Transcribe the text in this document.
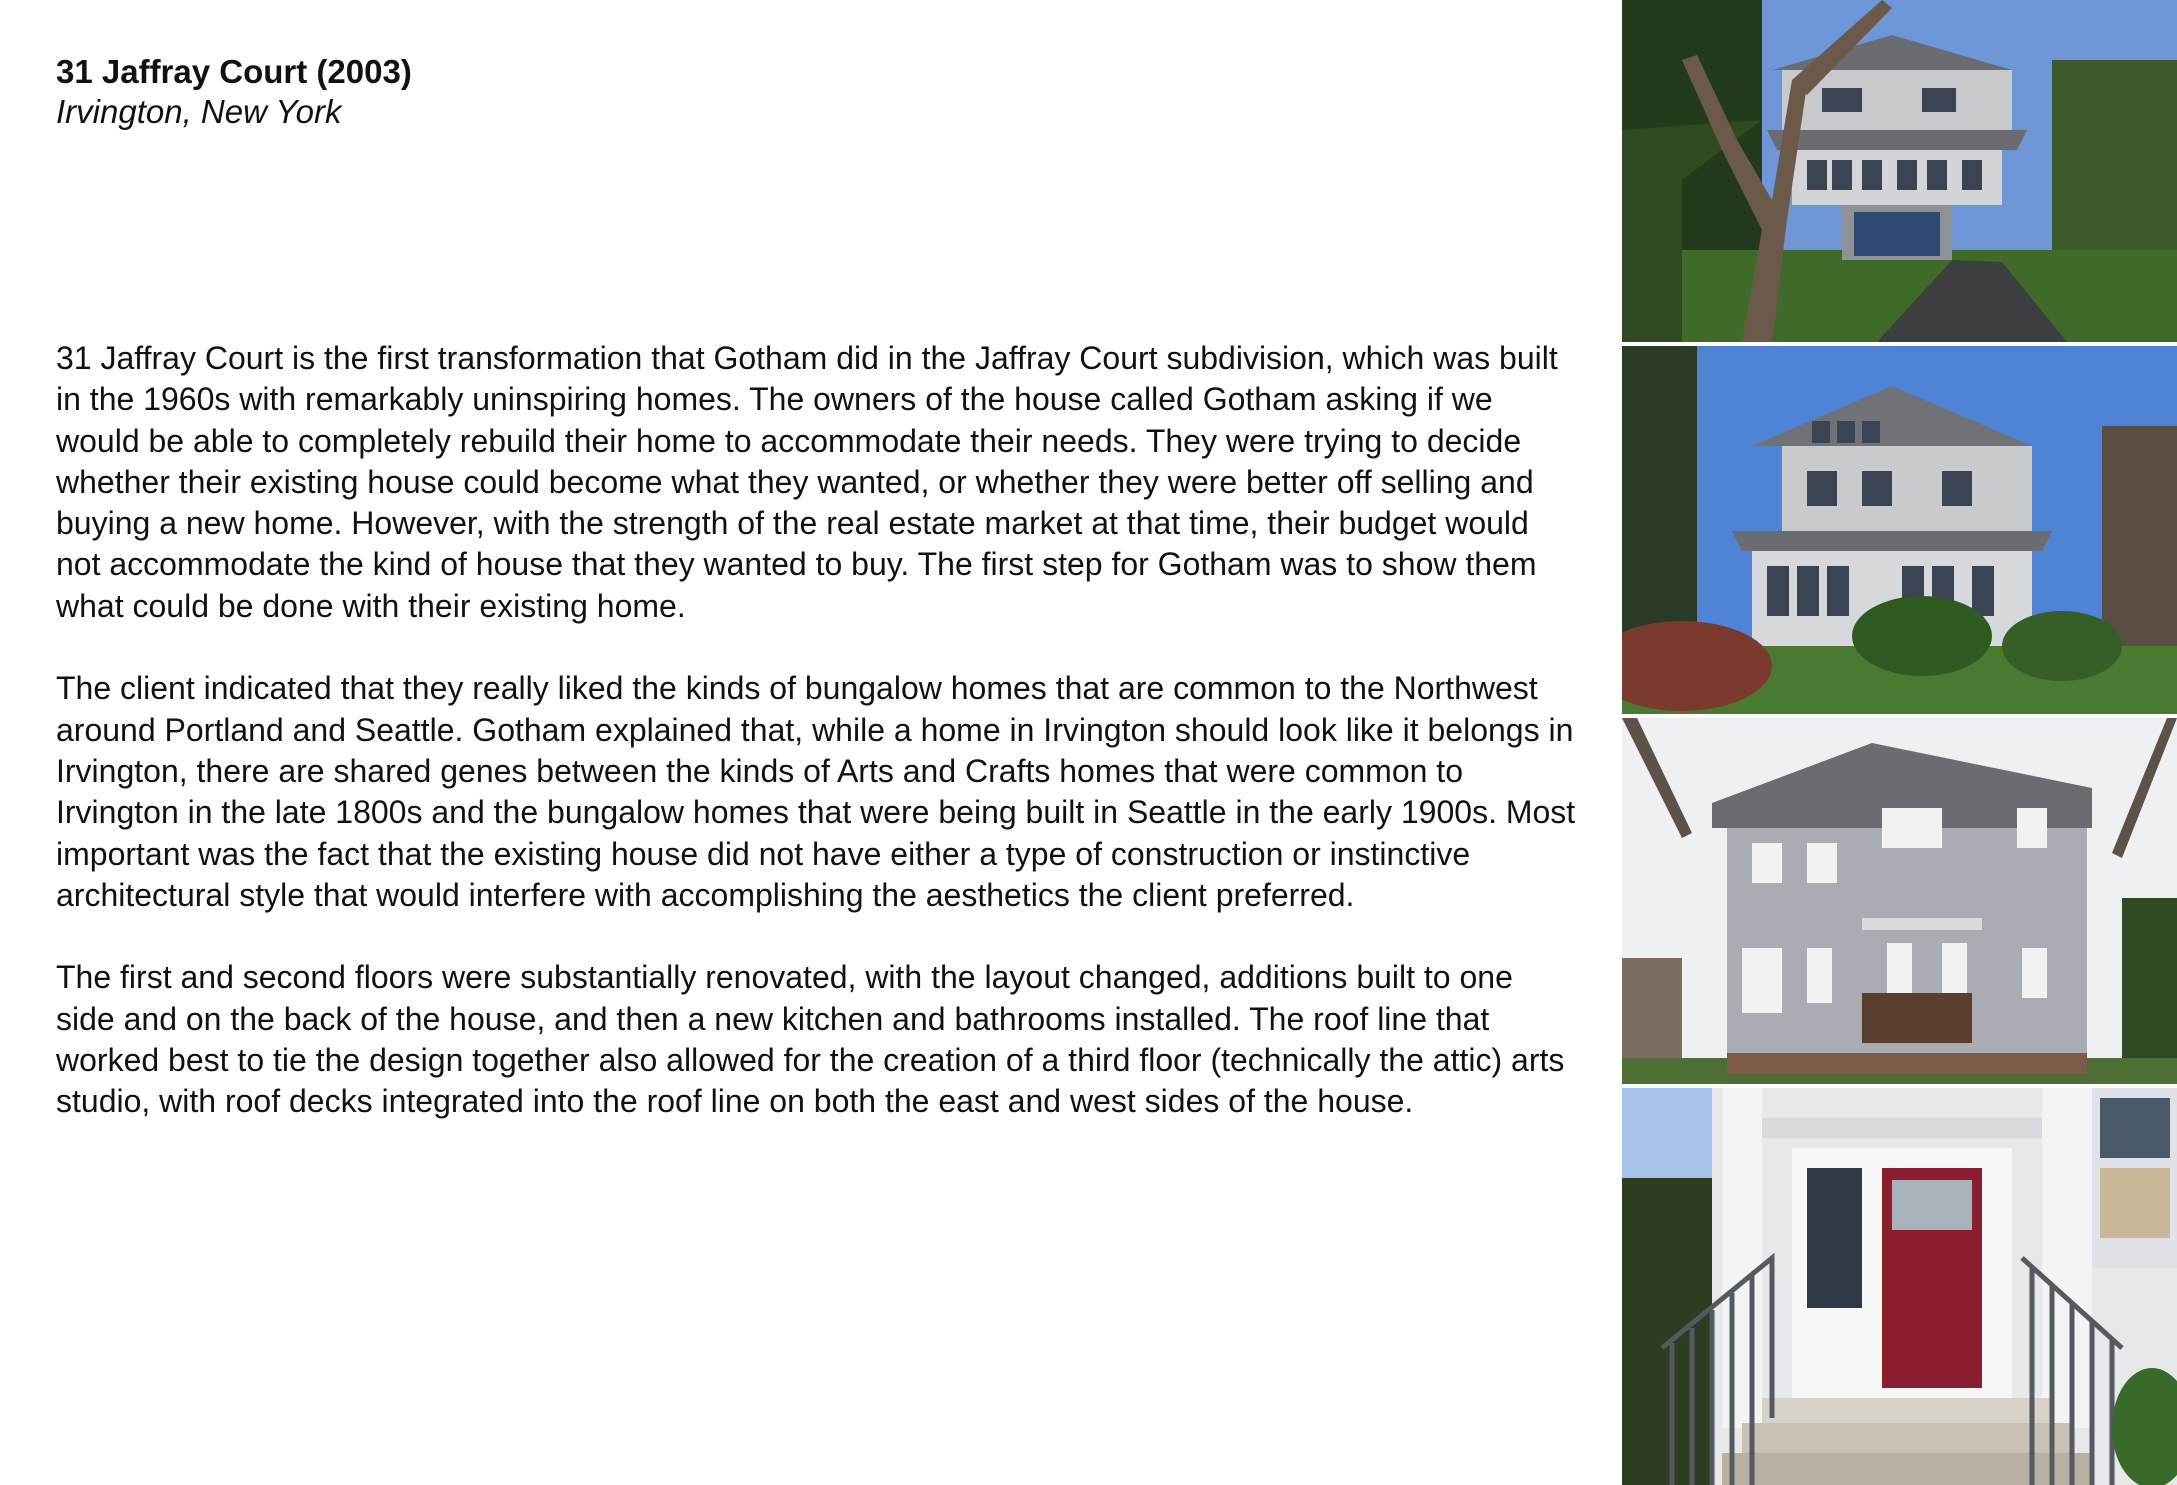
31 Jaffray Court (2003)

Irvington, New York

31 Jaffray Court is the first transformation that Gotham did in the Jaffray Court subdivision, which was built in the 1960s with remarkably uninspiring homes. The owners of the house called Gotham asking if we would be able to completely rebuild their home to accommodate their needs. They were trying to decide whether their existing house could become what they wanted, or whether they were better off selling and buying a new home. However, with the strength of the real estate market at that time, their budget would not accommodate the kind of house that they wanted to buy. The first step for Gotham was to show them what could be done with their existing home.

The client indicated that they really liked the kinds of bungalow homes that are common to the Northwest around Portland and Seattle. Gotham explained that, while a home in Irvington should look like it belongs in Irvington, there are shared genes between the kinds of Arts and Crafts homes that were common to Irvington in the late 1800s and the bungalow homes that were being built in Seattle in the early 1900s. Most important was the fact that the existing house did not have either a type of construction or instinctive architectural style that would interfere with accomplishing the aesthetics the client preferred.

The first and second floors were substantially renovated, with the layout changed, additions built to one side and on the back of the house, and then a new kitchen and bathrooms installed. The roof line that worked best to tie the design together also allowed for the creation of a third floor (technically the attic) arts studio, with roof decks integrated into the roof line on both the east and west sides of the house.
